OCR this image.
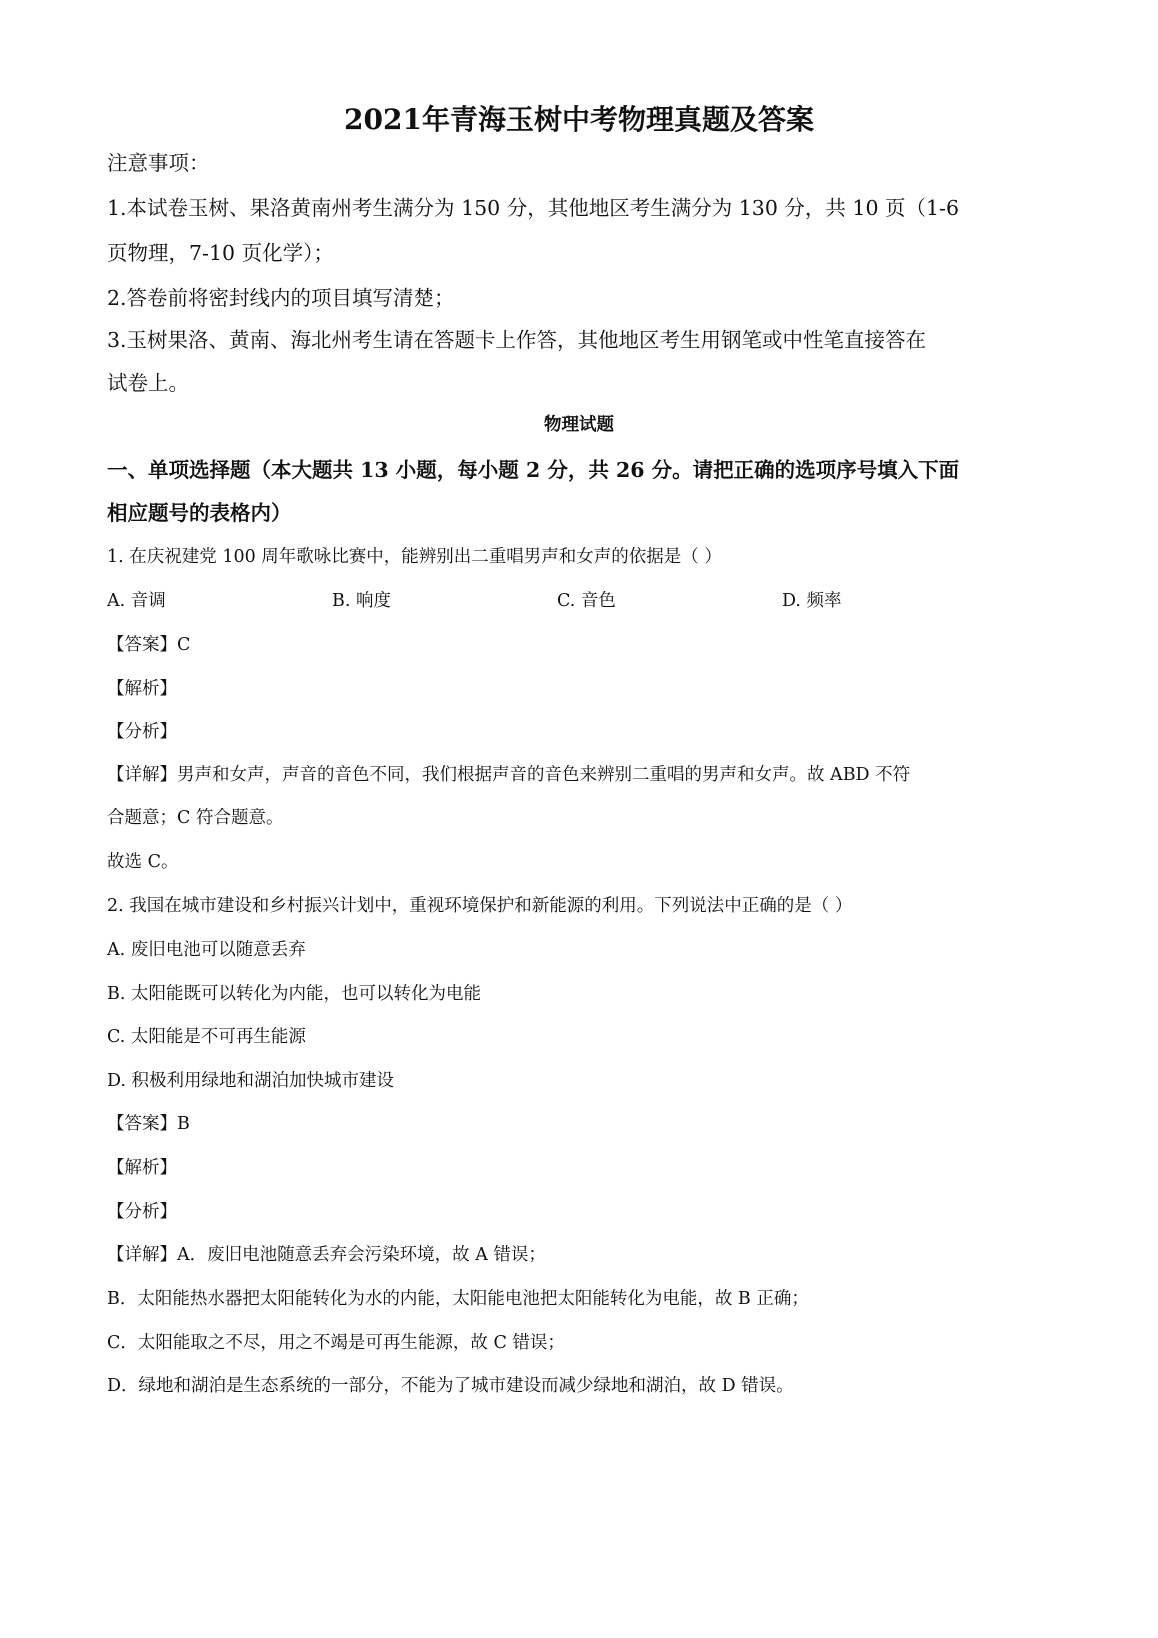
2021年青海玉树中考物理真题及答案
注意事项：
1.本试卷玉树、果洛黄南州考生满分为 150 分，其他地区考生满分为 130 分，共 10 页（1-6
页物理，7-10 页化学）；
2.答卷前将密封线内的项目填写清楚；
3.玉树果洛、黄南、海北州考生请在答题卡上作答，其他地区考生用钢笔或中性笔直接答在
试卷上。
物理试题
一、单项选择题（本大题共 13 小题，每小题 2 分，共 26 分。请把正确的选项序号填入下面
相应题号的表格内）
1. 在庆祝建党 100 周年歌咏比赛中，能辨别出二重唱男声和女声的依据是（ ）
A. 音调	B. 响度	C. 音色	D. 频率
【答案】C
【解析】
【分析】
【详解】男声和女声，声音的音色不同，我们根据声音的音色来辨别二重唱的男声和女声。故 ABD 不符
合题意；C 符合题意。
故选 C。
2. 我国在城市建设和乡村振兴计划中，重视环境保护和新能源的利用。下列说法中正确的是（ ）
A. 废旧电池可以随意丢弃
B. 太阳能既可以转化为内能，也可以转化为电能
C. 太阳能是不可再生能源
D. 积极利用绿地和湖泊加快城市建设
【答案】B
【解析】
【分析】
【详解】A．废旧电池随意丢弃会污染环境，故 A 错误；
B．太阳能热水器把太阳能转化为水的内能，太阳能电池把太阳能转化为电能，故 B 正确；
C．太阳能取之不尽，用之不竭是可再生能源，故 C 错误；
D．绿地和湖泊是生态系统的一部分，不能为了城市建设而减少绿地和湖泊，故 D 错误。
